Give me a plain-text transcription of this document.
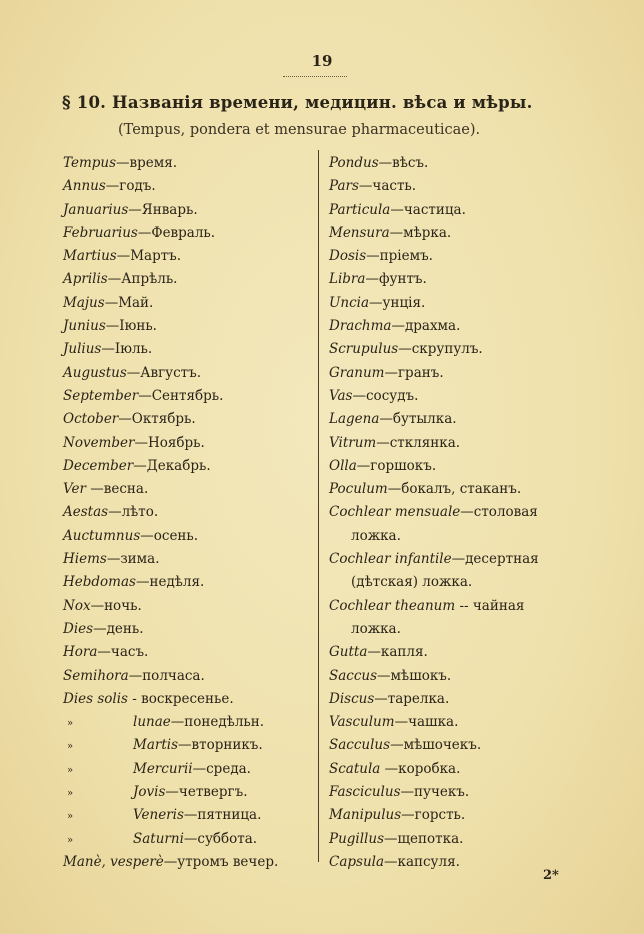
19
§ 10. Названія времени, медицин. вѣса и мѣры.
(Tempus, pondera et mensurae pharmaceuticae).
Tempus—время.
Annus—годъ.
Januarius—Январь.
Februarius—Февраль.
Martius—Мартъ.
Aprilis—Апрѣль.
Majus—Май.
Junius—Іюнь.
Julius—Іюль.
Augustus—Августъ.
September—Сентябрь.
October—Октябрь.
November—Ноябрь.
December—Декабрь.
Ver —весна.
Aestas—лѣто.
Auctumnus—осень.
Hiems—зима.
Hebdomas—недѣля.
Nox—ночь.
Dies—день.
Hora—часъ.
Semihora—полчаса.
Dies solis - воскресенье.
»	lunae—понедѣльн.
»	Martis—вторникъ.
»	Mercurii—среда.
»	Jovis—четвергъ.
»	Veneris—пятница.
»	Saturni—суббота.
Manè, vesperè—утромъ вечер.
Pondus—вѣсъ.
Pars—часть.
Particula—частица.
Mensura—мѣрка.
Dosis—пріемъ.
Libra—фунтъ.
Uncia—унція.
Drachma—драхма.
Scrupulus—скрупулъ.
Granum—гранъ.
Vas—сосудъ.
Lagena—бутылка.
Vitrum—стклянка.
Olla—горшокъ.
Poculum—бокалъ, стаканъ.
Cochlear mensuale—столовая
ложка.
Cochlear infantile—десертная
(дѣтская) ложка.
Cochlear theanum -- чайная
ложка.
Gutta—капля.
Saccus—мѣшокъ.
Discus—тарелка.
Vasculum—чашка.
Sacculus—мѣшочекъ.
Scatula —коробка.
Fasciculus—пучекъ.
Manipulus—горсть.
Pugillus—щепотка.
Capsula—капсуля.
2*
